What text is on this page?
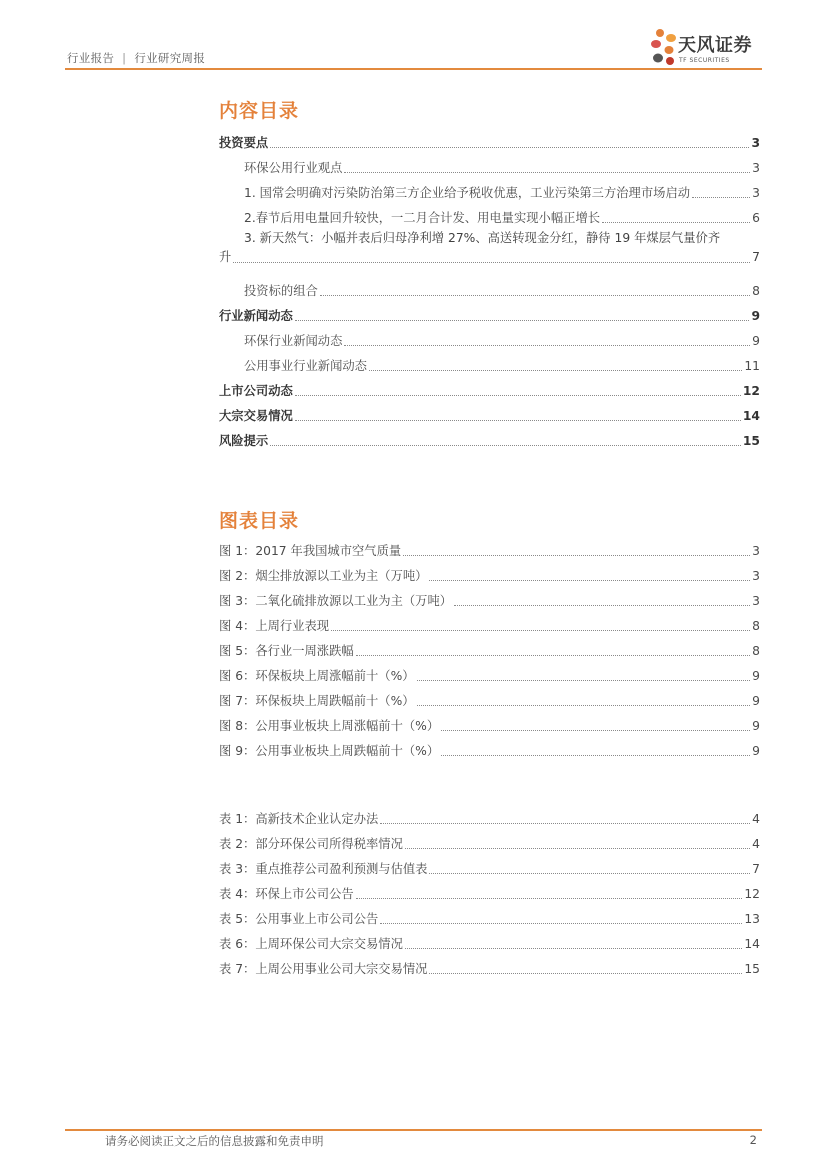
行业报告 | 行业研究周报
天风证券
TF SECURITIES
内容目录
投资要点	3
环保公用行业观点	3
1. 国常会明确对污染防治第三方企业给予税收优惠，工业污染第三方治理市场启动	3
2.春节后用电量回升较快，一二月合计发、用电量实现小幅正增长	6
3. 新天然气：小幅并表后归母净利增 27%、高送转现金分红，静待 19 年煤层气量价齐
升	7
投资标的组合	8
行业新闻动态	9
环保行业新闻动态	9
公用事业行业新闻动态	11
上市公司动态	12
大宗交易情况	14
风险提示	15
图表目录
图 1：2017 年我国城市空气质量	3
图 2：烟尘排放源以工业为主（万吨）	3
图 3：二氧化硫排放源以工业为主（万吨）	3
图 4：上周行业表现	8
图 5：各行业一周涨跌幅	8
图 6：环保板块上周涨幅前十（%）	9
图 7：环保板块上周跌幅前十（%）	9
图 8：公用事业板块上周涨幅前十（%）	9
图 9：公用事业板块上周跌幅前十（%）	9
表 1：高新技术企业认定办法	4
表 2：部分环保公司所得税率情况	4
表 3：重点推荐公司盈利预测与估值表	7
表 4：环保上市公司公告	12
表 5：公用事业上市公司公告	13
表 6：上周环保公司大宗交易情况	14
表 7：上周公用事业公司大宗交易情况	15
请务必阅读正文之后的信息披露和免责申明	2
